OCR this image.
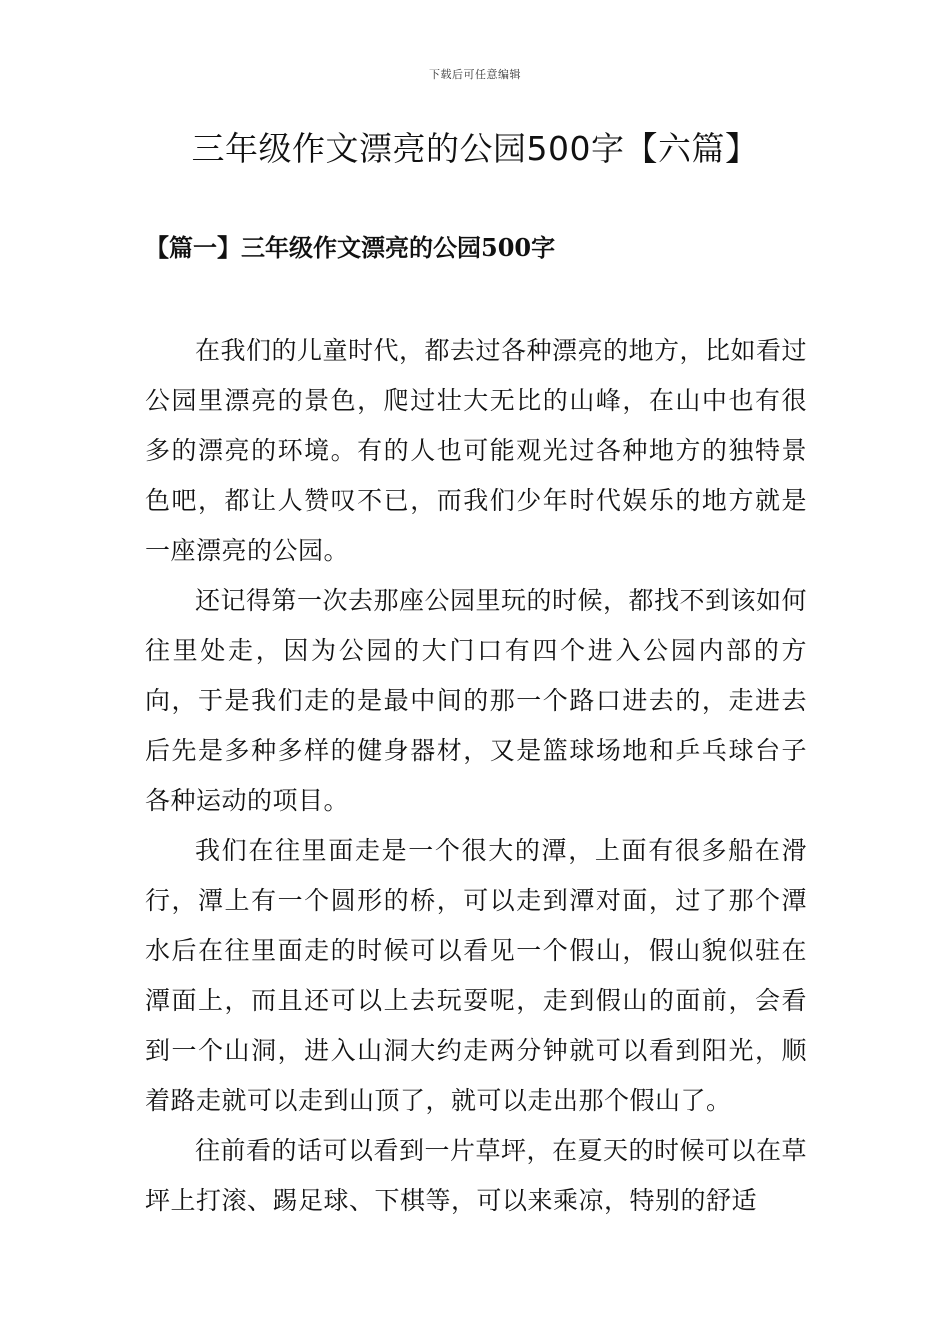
下载后可任意编辑
三年级作文漂亮的公园500字【六篇】
【篇一】三年级作文漂亮的公园500字

在我们的儿童时代，都去过各种漂亮的地方，比如看过公园里漂亮的景色，爬过壮大无比的山峰，在山中也有很多的漂亮的环境。有的人也可能观光过各种地方的独特景色吧，都让人赞叹不已，而我们少年时代娱乐的地方就是一座漂亮的公园。

还记得第一次去那座公园里玩的时候，都找不到该如何往里处走，因为公园的大门口有四个进入公园内部的方向，于是我们走的是最中间的那一个路口进去的，走进去后先是多种多样的健身器材，又是篮球场地和乒乓球台子各种运动的项目。

我们在往里面走是一个很大的潭，上面有很多船在滑行，潭上有一个圆形的桥，可以走到潭对面，过了那个潭水后在往里面走的时候可以看见一个假山，假山貌似驻在潭面上，而且还可以上去玩耍呢，走到假山的面前，会看到一个山洞，进入山洞大约走两分钟就可以看到阳光，顺着路走就可以走到山顶了，就可以走出那个假山了。

往前看的话可以看到一片草坪，在夏天的时候可以在草坪上打滚、踢足球、下棋等，可以来乘凉，特别的舒适
